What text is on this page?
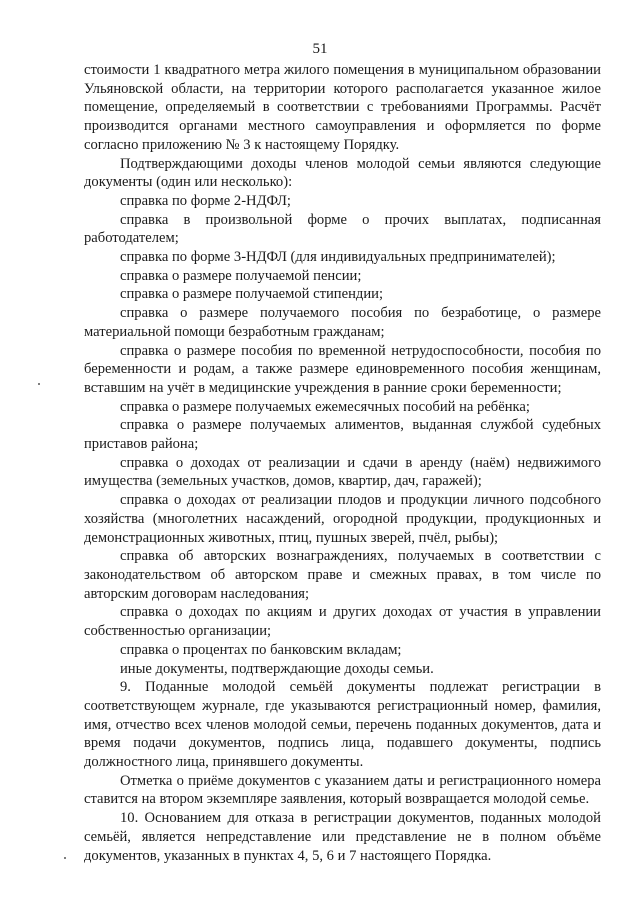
51

стоимости 1 квадратного метра жилого помещения в муниципальном образовании Ульяновской области, на территории которого располагается указанное жилое помещение, определяемый в соответствии с требованиями Программы. Расчёт производится органами местного самоуправления и оформляется по форме согласно приложению № 3 к настоящему Порядку.

Подтверждающими доходы членов молодой семьи являются следующие документы (один или несколько):

справка по форме 2-НДФЛ;

справка в произвольной форме о прочих выплатах, подписанная работодателем;

справка по форме 3-НДФЛ (для индивидуальных предпринимателей);

справка о размере получаемой пенсии;

справка о размере получаемой стипендии;

справка о размере получаемого пособия по безработице, о размере материальной помощи безработным гражданам;

справка о размере пособия по временной нетрудоспособности, пособия по беременности и родам, а также размере единовременного пособия женщинам, вставшим на учёт в медицинские учреждения в ранние сроки беременности;

справка о размере получаемых ежемесячных пособий на ребёнка;

справка о размере получаемых алиментов, выданная службой судебных приставов района;

справка о доходах от реализации и сдачи в аренду (наём) недвижимого имущества (земельных участков, домов, квартир, дач, гаражей);

справка о доходах от реализации плодов и продукции личного подсобного хозяйства (многолетних насаждений, огородной продукции, продукционных и демонстрационных животных, птиц, пушных зверей, пчёл, рыбы);

справка об авторских вознаграждениях, получаемых в соответствии с законодательством об авторском праве и смежных правах, в том числе по авторским договорам наследования;

справка о доходах по акциям и других доходах от участия в управлении собственностью организации;

справка о процентах по банковским вкладам;

иные документы, подтверждающие доходы семьи.

9. Поданные молодой семьёй документы подлежат регистрации в соответствующем журнале, где указываются регистрационный номер, фамилия, имя, отчество всех членов молодой семьи, перечень поданных документов, дата и время подачи документов, подпись лица, подавшего документы, подпись должностного лица, принявшего документы.

Отметка о приёме документов с указанием даты и регистрационного номера ставится на втором экземпляре заявления, который возвращается молодой семье.

10. Основанием для отказа в регистрации документов, поданных молодой семьёй, является непредставление или представление не в полном объёме документов, указанных в пунктах 4, 5, 6 и 7 настоящего Порядка.
